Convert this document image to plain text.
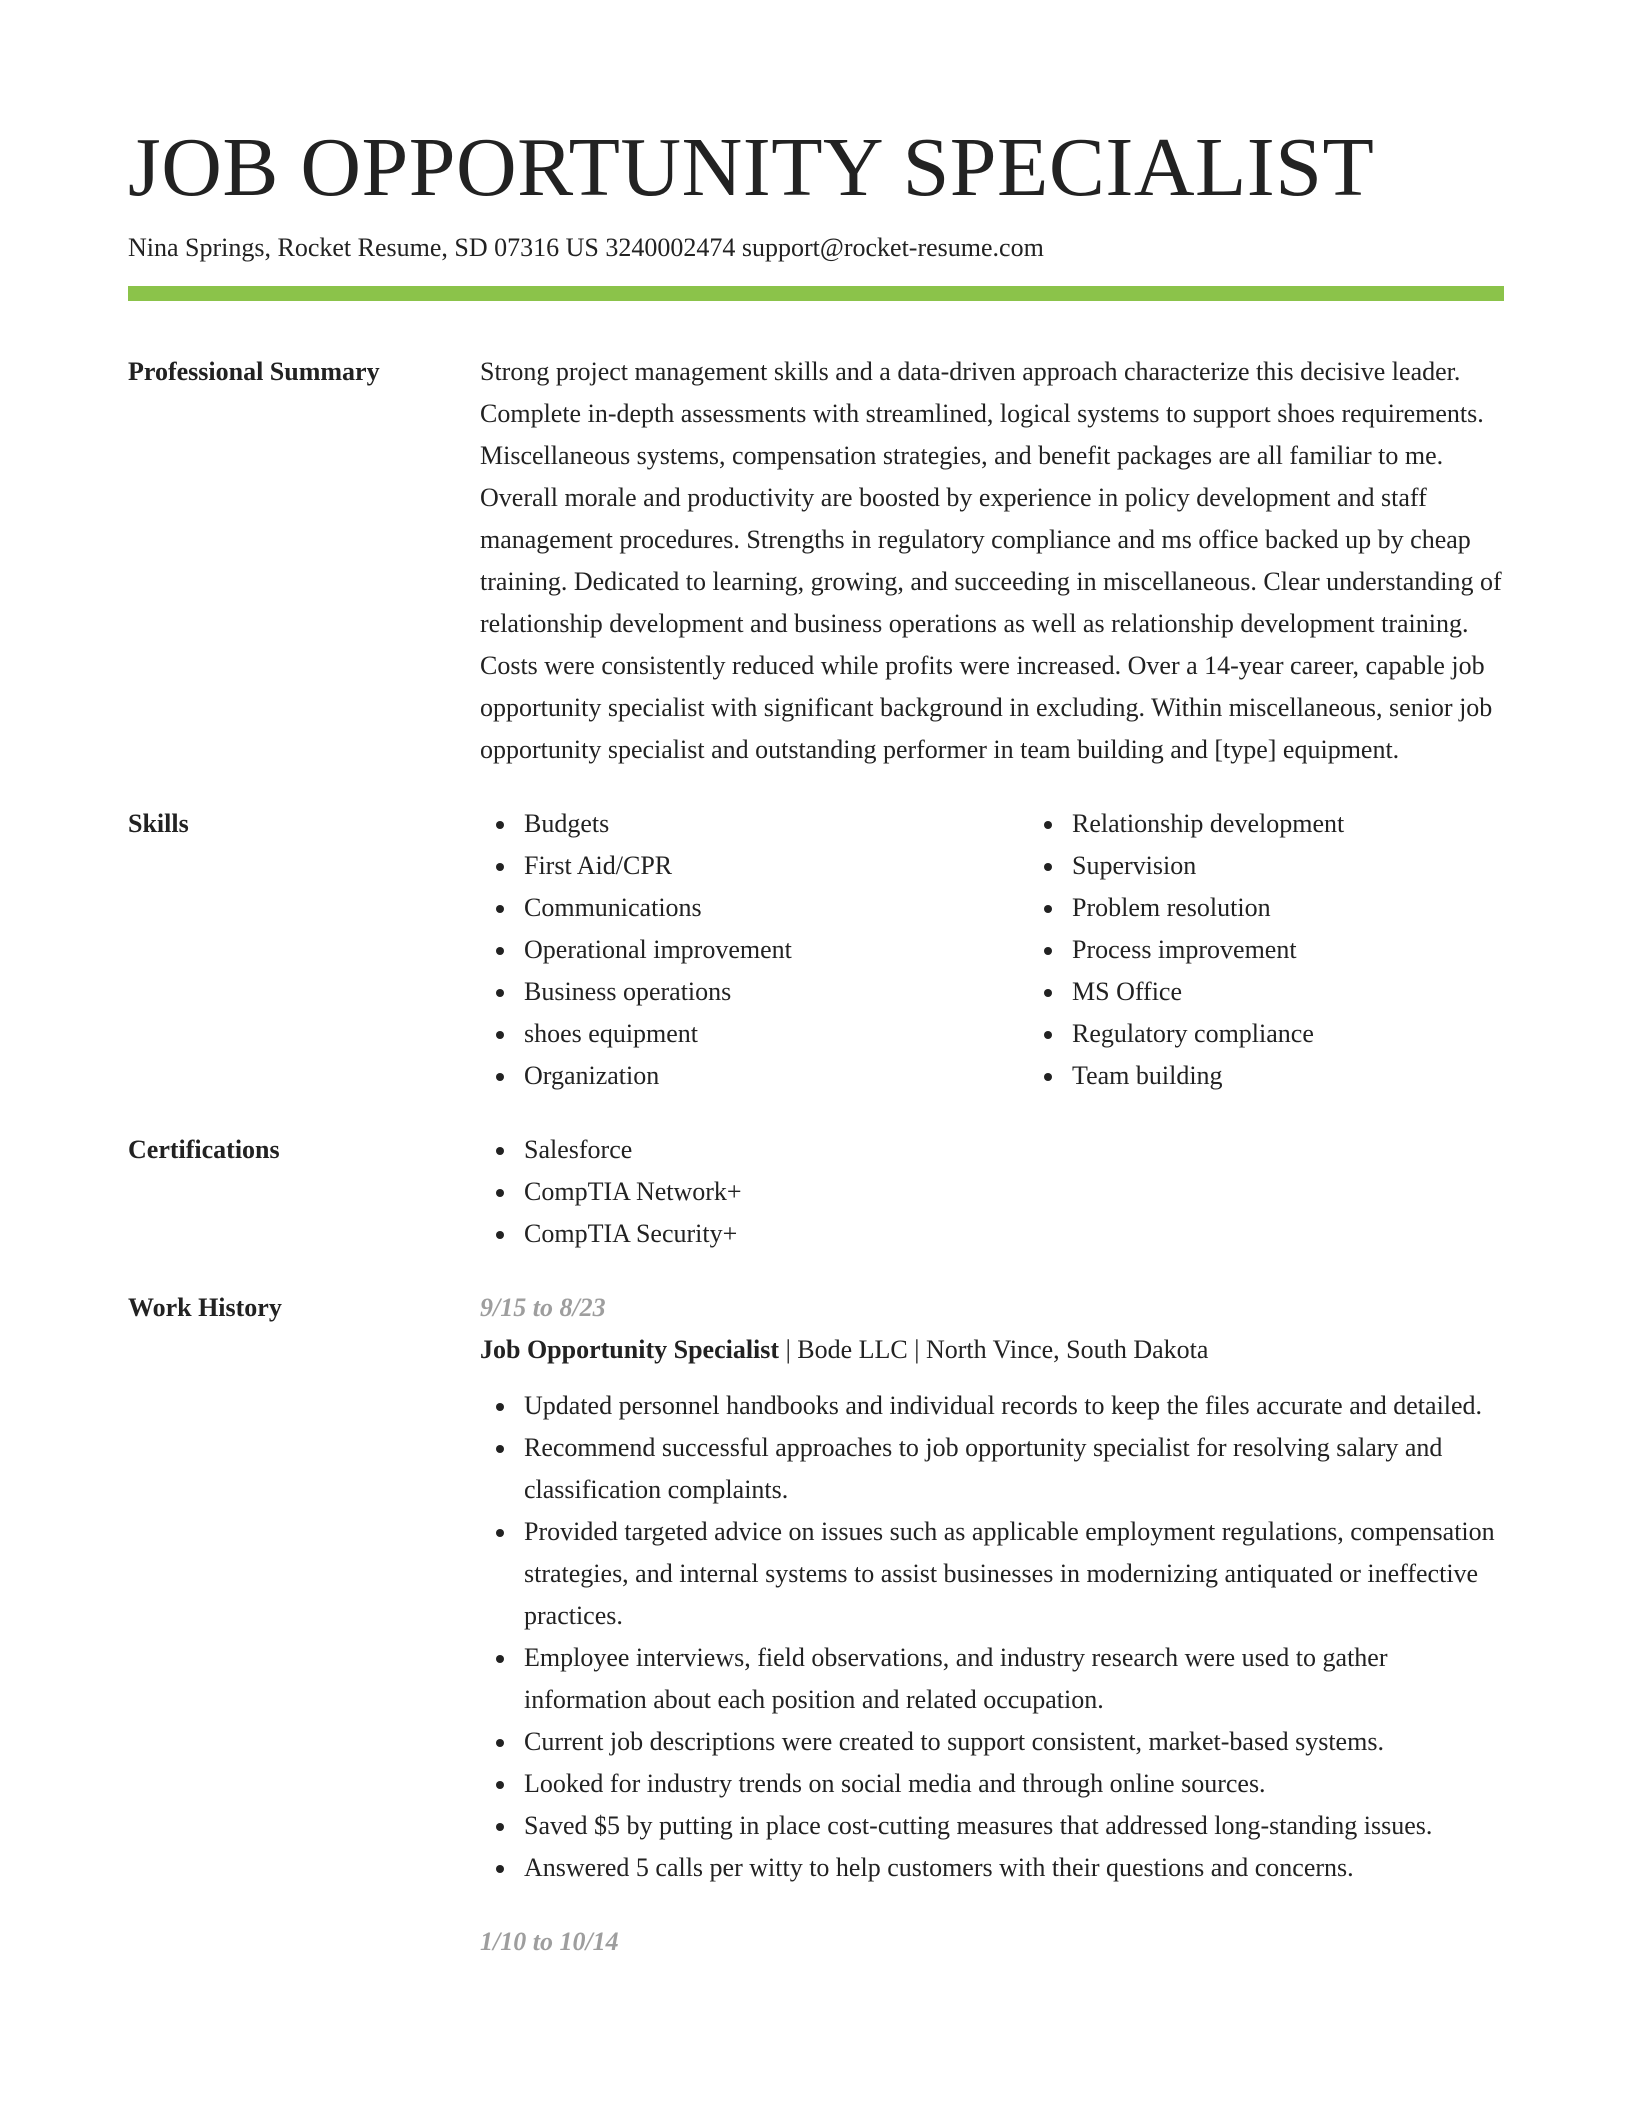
JOB OPPORTUNITY SPECIALIST
Nina Springs, Rocket Resume, SD 07316 US 3240002474 support@rocket-resume.com
Professional Summary	Strong project management skills and a data-driven approach characterize this decisive leader. Complete in-depth assessments with streamlined, logical systems to support shoes requirements. Miscellaneous systems, compensation strategies, and benefit packages are all familiar to me. Overall morale and productivity are boosted by experience in policy development and staff management procedures. Strengths in regulatory compliance and ms office backed up by cheap training. Dedicated to learning, growing, and succeeding in miscellaneous. Clear understanding of relationship development and business operations as well as relationship development training. Costs were consistently reduced while profits were increased. Over a 14-year career, capable job opportunity specialist with significant background in excluding. Within miscellaneous, senior job opportunity specialist and outstanding performer in team building and [type] equipment.
Skills	Budgets
First Aid/CPR
Communications
Operational improvement
Business operations
shoes equipment
Organization
Relationship development
Supervision
Problem resolution
Process improvement
MS Office
Regulatory compliance
Team building
Certifications	Salesforce
CompTIA Network+
CompTIA Security+
Work History	9/15 to 8/23
Job Opportunity Specialist | Bode LLC | North Vince, South Dakota
Updated personnel handbooks and individual records to keep the files accurate and detailed.
Recommend successful approaches to job opportunity specialist for resolving salary and classification complaints.
Provided targeted advice on issues such as applicable employment regulations, compensation strategies, and internal systems to assist businesses in modernizing antiquated or ineffective practices.
Employee interviews, field observations, and industry research were used to gather information about each position and related occupation.
Current job descriptions were created to support consistent, market-based systems.
Looked for industry trends on social media and through online sources.
Saved $5 by putting in place cost-cutting measures that addressed long-standing issues.
Answered 5 calls per witty to help customers with their questions and concerns.
1/10 to 10/14
